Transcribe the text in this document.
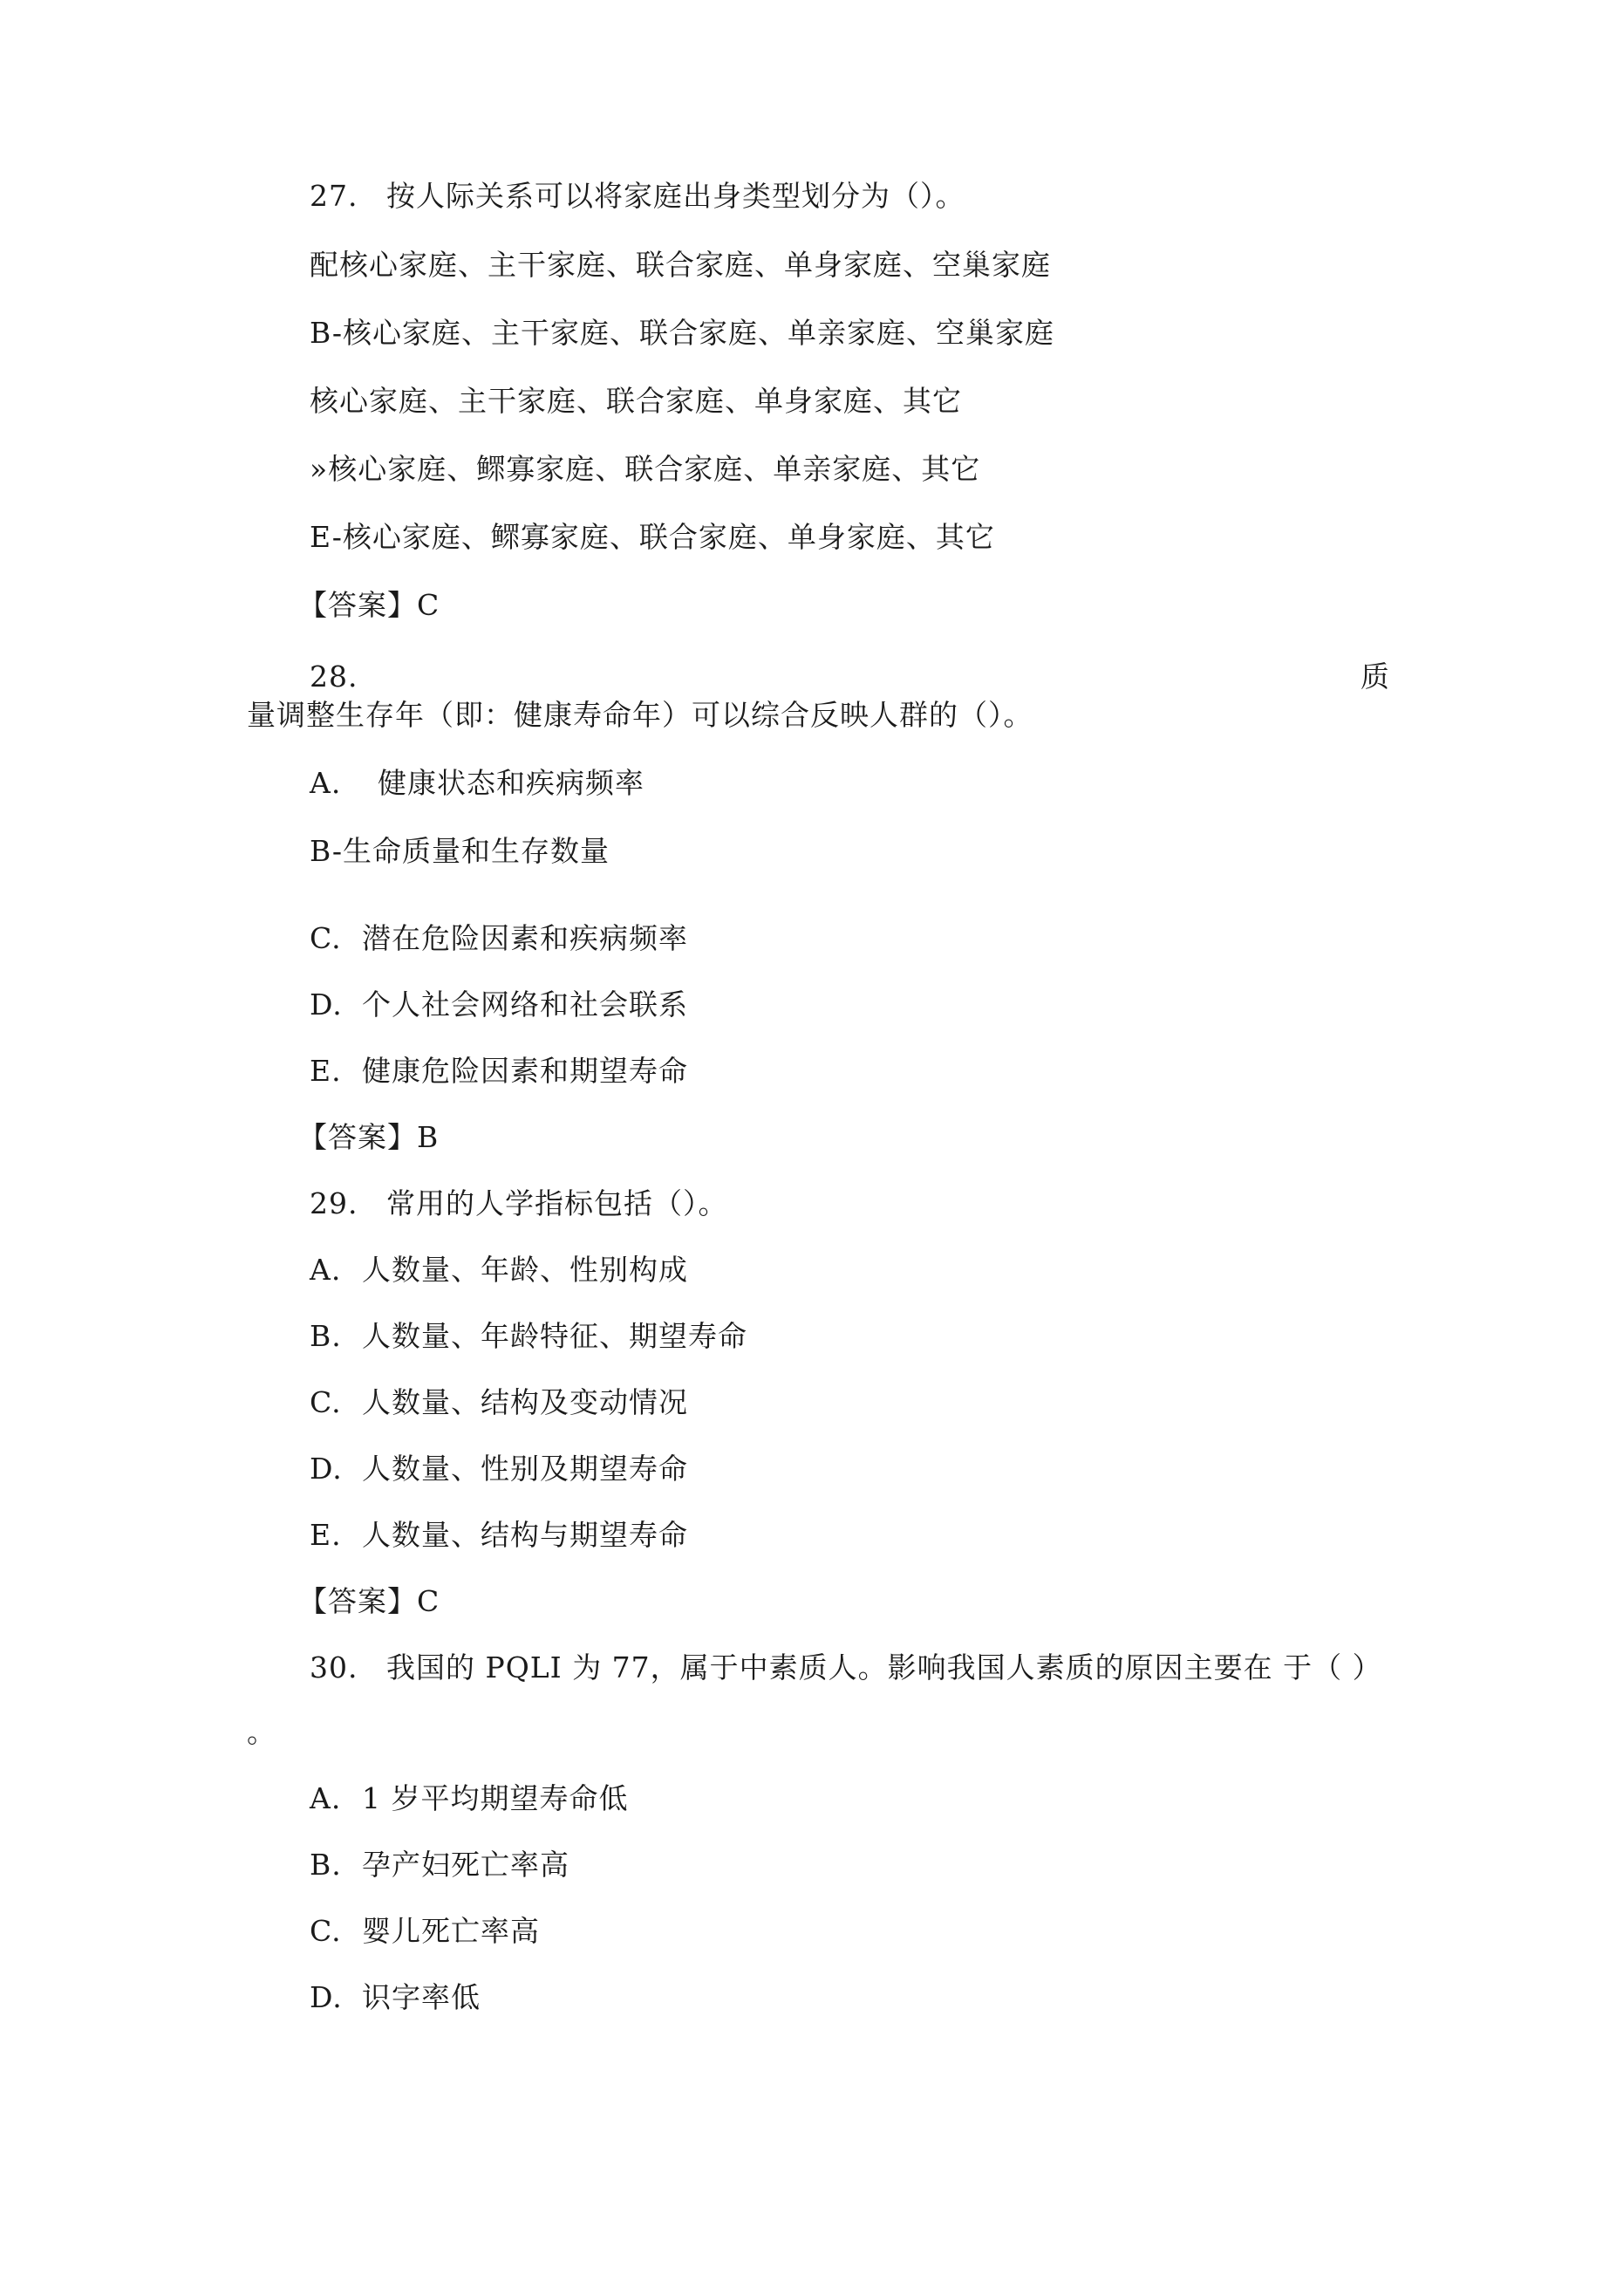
27. 按人际关系可以将家庭出身类型划分为（）。
配核心家庭、主干家庭、联合家庭、单身家庭、空巢家庭
B-核心家庭、主干家庭、联合家庭、单亲家庭、空巢家庭
核心家庭、主干家庭、联合家庭、单身家庭、其它
»核心家庭、鳏寡家庭、联合家庭、单亲家庭、其它
E-核心家庭、鳏寡家庭、联合家庭、单身家庭、其它
【答案】C
28.	质
量调整生存年（即：健康寿命年）可以综合反映人群的（）。
A. 健康状态和疾病频率
B-生命质量和生存数量
C. 潜在危险因素和疾病频率
D. 个人社会网络和社会联系
E. 健康危险因素和期望寿命
【答案】B
29. 常用的人学指标包括（）。
A. 人数量、年龄、性别构成
B. 人数量、年龄特征、期望寿命
C. 人数量、结构及变动情况
D. 人数量、性别及期望寿命
E. 人数量、结构与期望寿命
【答案】C
30. 我国的 PQLI 为 77，属于中素质人。影响我国人素质的原因主要在 于（ ）
。
A. 1 岁平均期望寿命低
B. 孕产妇死亡率高
C. 婴儿死亡率高
D. 识字率低
